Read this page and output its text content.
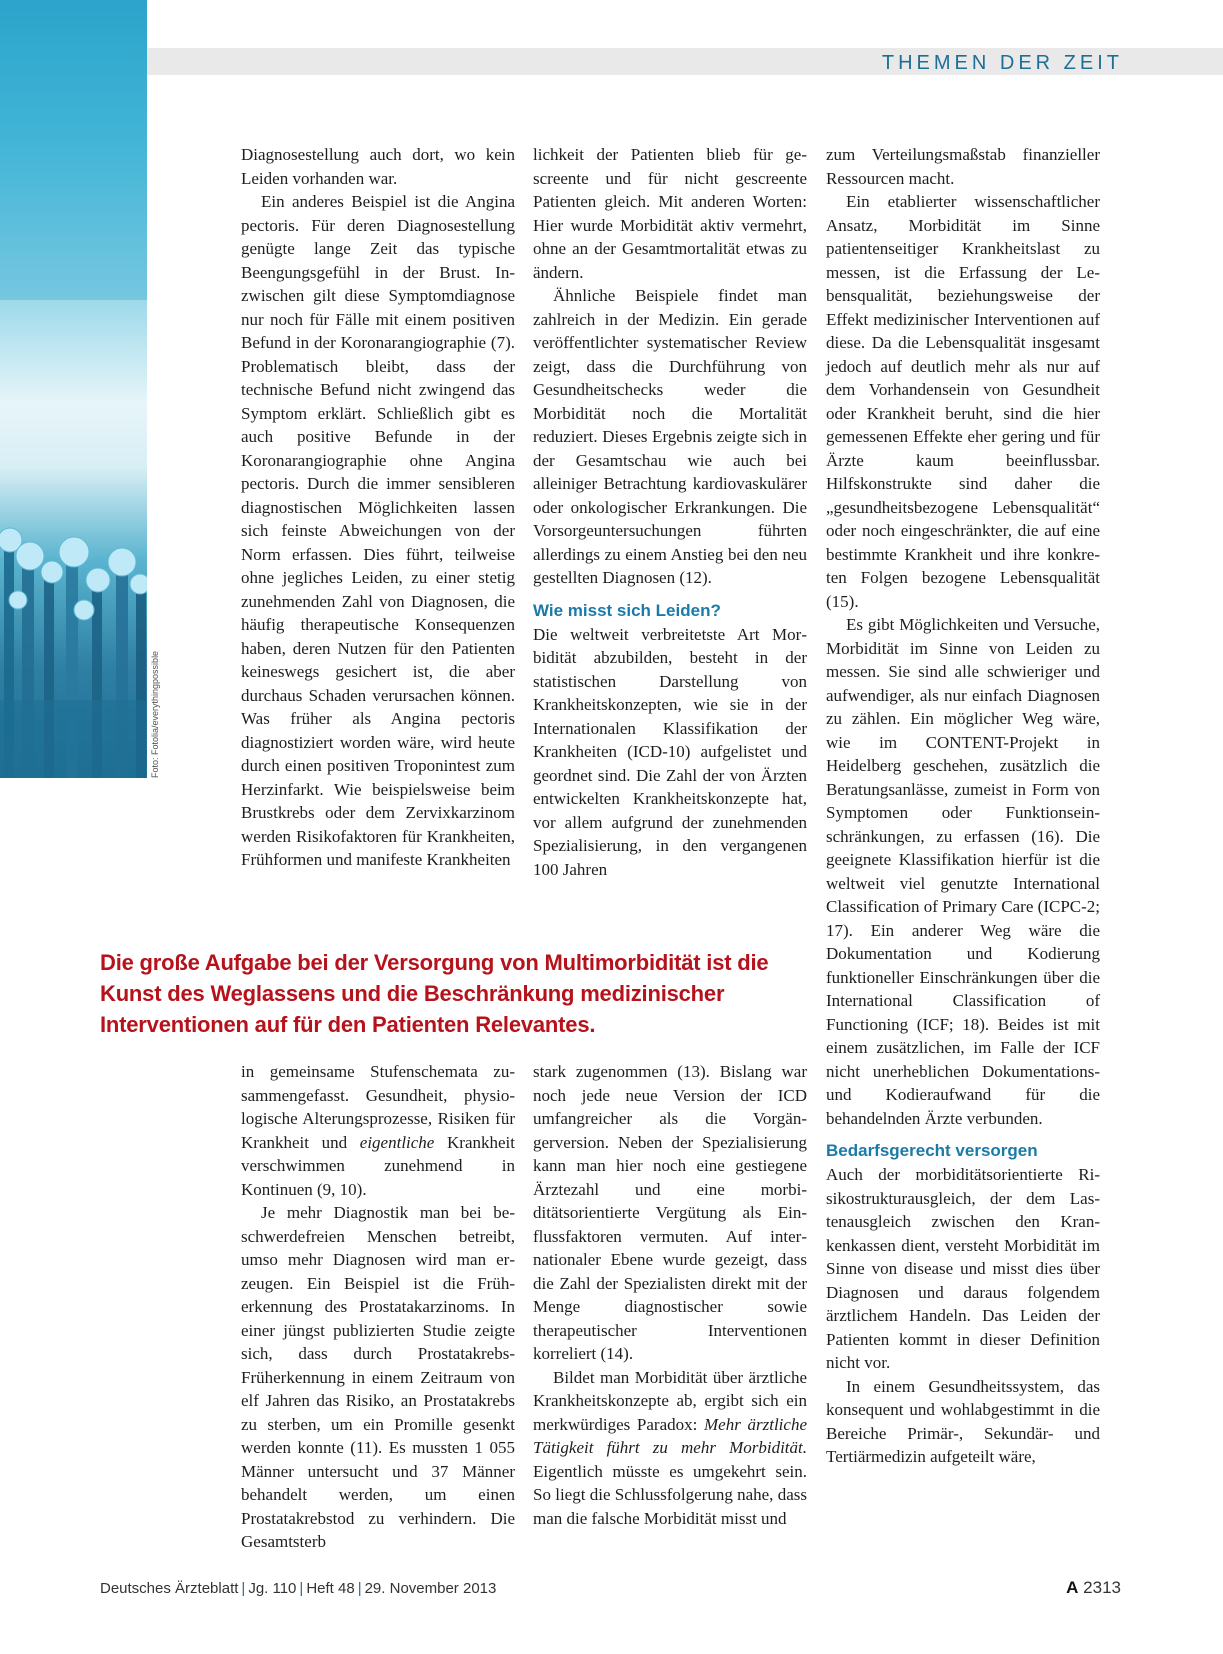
Foto: Fotolia/everythingpossible
THEMEN DER ZEIT

Diagnosestellung auch dort, wo kein Leiden vorhanden war.

Ein anderes Beispiel ist die Angina pectoris. Für deren Diagnosestellung genügte lange Zeit das typische Beengungsgefühl in der Brust. Inzwischen gilt diese Symptomdiagnose nur noch für Fälle mit einem positiven Befund in der Koronarangiographie (7). Problematisch bleibt, dass der technische Befund nicht zwingend das Symptom erklärt. Schließlich gibt es auch positive Befunde in der Koronarangiographie ohne Angina pectoris. Durch die immer sensibleren diagnostischen Möglichkeiten lassen sich feinste Abweichungen von der Norm erfassen. Dies führt, teilweise ohne jegliches Leiden, zu einer stetig zunehmenden Zahl von Diagnosen, die häufig therapeutische Konsequenzen haben, deren Nutzen für den Patienten keineswegs gesichert ist, die aber durchaus Schaden verursachen können. Was früher als Angina pectoris diagnostiziert worden wäre, wird heute durch einen positiven Troponintest zum Herzinfarkt. Wie beispielsweise beim Brustkrebs oder dem Zervixkarzinom werden Risikofaktoren für Krankheiten, Frühformen und manifeste Krankheiten

lichkeit der Patienten blieb für gescreente und für nicht gescreente Patienten gleich. Mit anderen Worten: Hier wurde Morbidität aktiv vermehrt, ohne an der Gesamtmortalität etwas zu ändern.

Ähnliche Beispiele findet man zahlreich in der Medizin. Ein gerade veröffentlichter systematischer Review zeigt, dass die Durchführung von Gesundheitschecks weder die Morbidität noch die Mortalität reduziert. Dieses Ergebnis zeigte sich in der Gesamtschau wie auch bei alleiniger Betrachtung kardiovaskulärer oder onkologischer Erkrankungen. Die Vorsorgeuntersuchungen führten allerdings zu einem Anstieg bei den neu gestellten Diagnosen (12).

Wie misst sich Leiden?

Die weltweit verbreitetste Art Morbidität abzubilden, besteht in der statistischen Darstellung von Krankheitskonzepten, wie sie in der Internationalen Klassifikation der Krankheiten (ICD-10) aufgelistet und geordnet sind. Die Zahl der von Ärzten entwickelten Krankheitskonzepte hat, vor allem aufgrund der zunehmenden Spezialisierung, in den vergangenen 100 Jahren

zum Verteilungsmaßstab finanzieller Ressourcen macht.

Ein etablierter wissenschaftlicher Ansatz, Morbidität im Sinne patientenseitiger Krankheitslast zu messen, ist die Erfassung der Lebensqualität, beziehungsweise der Effekt medizinischer Interventionen auf diese. Da die Lebensqualität insgesamt jedoch auf deutlich mehr als nur auf dem Vorhandensein von Gesundheit oder Krankheit beruht, sind die hier gemessenen Effekte eher gering und für Ärzte kaum beeinflussbar. Hilfskonstrukte sind daher die „gesundheitsbezogene Lebensqualität“ oder noch eingeschränkter, die auf eine bestimmte Krankheit und ihre konkreten Folgen bezogene Lebensqualität (15).

Es gibt Möglichkeiten und Versuche, Morbidität im Sinne von Leiden zu messen. Sie sind alle schwieriger und aufwendiger, als nur einfach Diagnosen zu zählen. Ein möglicher Weg wäre, wie im CONTENT-Projekt in Heidelberg geschehen, zusätzlich die Beratungsanlässe, zumeist in Form von Symptomen oder Funktionseinschränkungen, zu erfassen (16). Die geeignete Klassifikation hierfür ist die weltweit viel genutzte International Classification of Primary Care (ICPC-2; 17). Ein anderer Weg wäre die Dokumentation und Kodierung funktioneller Einschränkungen über die International Classification of Functioning (ICF; 18). Beides ist mit einem zusätzlichen, im Falle der ICF nicht unerheblichen Dokumentations- und Kodieraufwand für die behandelnden Ärzte verbunden.

Bedarfsgerecht versorgen

Auch der morbiditätsorientierte Risikostrukturausgleich, der dem Lastenausgleich zwischen den Krankenkassen dient, versteht Morbidität im Sinne von disease und misst dies über Diagnosen und daraus folgendem ärztlichem Handeln. Das Leiden der Patienten kommt in dieser Definition nicht vor.

In einem Gesundheitssystem, das konsequent und wohlabgestimmt in die Bereiche Primär-, Sekundär- und Tertiärmedizin aufgeteilt wäre,

Die große Aufgabe bei der Versorgung von Multimorbidität ist die Kunst des Weglassens und die Beschränkung medizinischer Interventionen auf für den Patienten Relevantes.

in gemeinsame Stufenschemata zusammengefasst. Gesundheit, physiologische Alterungsprozesse, Risiken für Krankheit und eigentliche Krankheit verschwimmen zunehmend in Kontinuen (9, 10).

Je mehr Diagnostik man bei beschwerdefreien Menschen betreibt, umso mehr Diagnosen wird man erzeugen. Ein Beispiel ist die Früherkennung des Prostatakarzinoms. In einer jüngst publizierten Studie zeigte sich, dass durch Prostatakrebs-Früherkennung in einem Zeitraum von elf Jahren das Risiko, an Prostatakrebs zu sterben, um ein Promille gesenkt werden konnte (11). Es mussten 1 055 Männer untersucht und 37 Männer behandelt werden, um einen Prostatakrebstod zu verhindern. Die Gesamtsterb

stark zugenommen (13). Bislang war noch jede neue Version der ICD umfangreicher als die Vorgängerversion. Neben der Spezialisierung kann man hier noch eine gestiegene Ärztezahl und eine morbiditätsorientierte Vergütung als Einflussfaktoren vermuten. Auf internationaler Ebene wurde gezeigt, dass die Zahl der Spezialisten direkt mit der Menge diagnostischer sowie therapeutischer Interventionen korreliert (14).

Bildet man Morbidität über ärztliche Krankheitskonzepte ab, ergibt sich ein merkwürdiges Paradox: Mehr ärztliche Tätigkeit führt zu mehr Morbidität. Eigentlich müsste es umgekehrt sein. So liegt die Schlussfolgerung nahe, dass man die falsche Morbidität misst und

Deutsches Ärzteblatt | Jg. 110 | Heft 48 | 29. November 2013	A 2313
